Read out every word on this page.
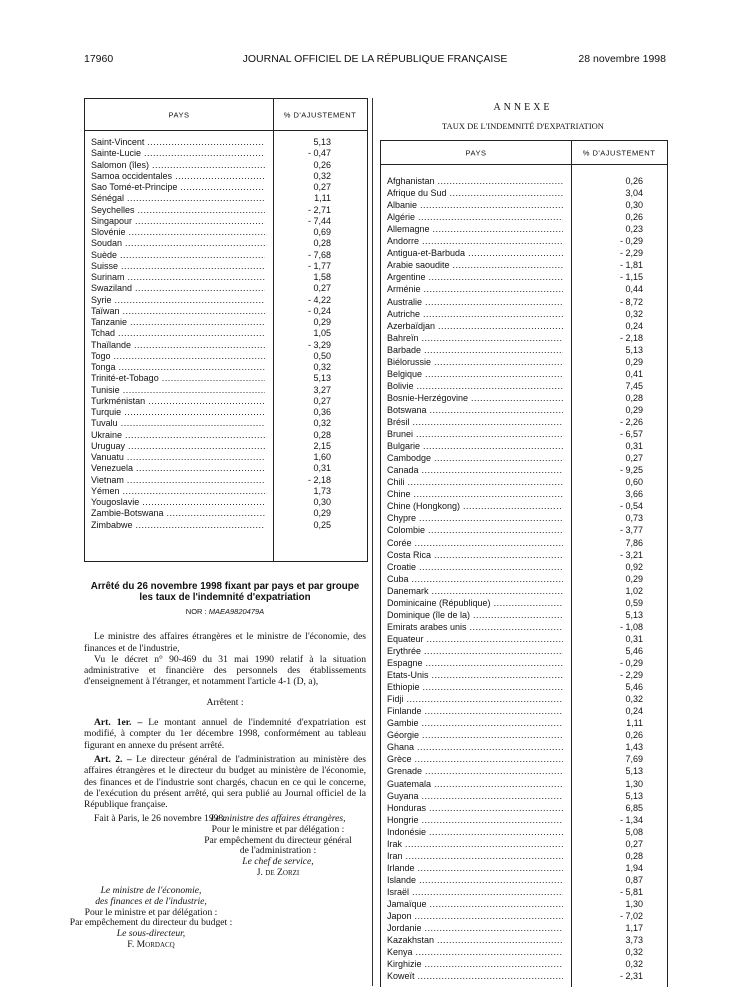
17960	JOURNAL OFFICIEL DE LA RÉPUBLIQUE FRANÇAISE	28 novembre 1998
PAYS	% D'AJUSTEMENT
Saint-Vincent .....	5,13
Sainte-Lucie .....	- 0,47
Salomon (îles) .....	0,26
Samoa occidentales .....	0,32
Sao Tomé-et-Principe .....	0,27
Sénégal .....	1,11
Seychelles .....	- 2,71
Singapour .....	- 7,44
Slovénie .....	0,69
Soudan .....	0,28
Suède .....	- 7,68
Suisse .....	- 1,77
Surinam .....	1,58
Swaziland .....	0,27
Syrie .....	- 4,22
Taïwan .....	- 0,24
Tanzanie .....	0,29
Tchad .....	1,05
Thaïlande .....	- 3,29
Togo .....	0,50
Tonga .....	0,32
Trinité-et-Tobago .....	5,13
Tunisie .....	3,27
Turkménistan .....	0,27
Turquie .....	0,36
Tuvalu .....	0,32
Ukraine .....	0,28
Uruguay .....	2,15
Vanuatu .....	1,60
Venezuela .....	0,31
Vietnam .....	- 2,18
Yémen .....	1,73
Yougoslavie .....	0,30
Zambie-Botswana .....	0,29
Zimbabwe .....	0,25
Arrêté du 26 novembre 1998 fixant par pays et par groupe les taux de l'indemnité d'expatriation
NOR : MAEA9820479A

Le ministre des affaires étrangères et le ministre de l'économie, des finances et de l'industrie,

Vu le décret n° 90-469 du 31 mai 1990 relatif à la situation administrative et financière des personnels des établissements d'enseignement à l'étranger, et notamment l'article 4-1 (D, a),

Arrêtent :

Art. 1er. – Le montant annuel de l'indemnité d'expatriation est modifié, à compter du 1er décembre 1998, conformément au tableau figurant en annexe du présent arrêté.

Art. 2. – Le directeur général de l'administration au ministère des affaires étrangères et le directeur du budget au ministère de l'économie, des finances et de l'industrie sont chargés, chacun en ce qui le concerne, de l'exécution du présent arrêté, qui sera publié au Journal officiel de la République française.

Fait à Paris, le 26 novembre 1998.

Le ministre des affaires étrangères,
Pour le ministre et par délégation :
Par empêchement du directeur général
de l'administration :
Le chef de service,
J. de Zorzi
Le ministre de l'économie,
des finances et de l'industrie,
Pour le ministre et par délégation :
Par empêchement du directeur du budget :
Le sous-directeur,
F. Mordacq
ANNEXE
TAUX DE L'INDEMNITÉ D'EXPATRIATION
PAYS	% D'AJUSTEMENT
Afghanistan .....	0,26
Afrique du Sud .....	3,04
Albanie .....	0,30
Algérie .....	0,26
Allemagne .....	0,23
Andorre .....	- 0,29
Antigua-et-Barbuda .....	- 2,29
Arabie saoudite .....	- 1,81
Argentine .....	- 1,15
Arménie .....	0,44
Australie .....	- 8,72
Autriche .....	0,32
Azerbaïdjan .....	0,24
Bahreïn .....	- 2,18
Barbade .....	5,13
Biélorussie .....	0,29
Belgique .....	0,41
Bolivie .....	7,45
Bosnie-Herzégovine .....	0,28
Botswana .....	0,29
Brésil .....	- 2,26
Brunei .....	- 6,57
Bulgarie .....	0,31
Cambodge .....	0,27
Canada .....	- 9,25
Chili .....	0,60
Chine .....	3,66
Chine (Hongkong) .....	- 0,54
Chypre .....	0,73
Colombie .....	- 3,77
Corée .....	7,86
Costa Rica .....	- 3,21
Croatie .....	0,92
Cuba .....	0,29
Danemark .....	1,02
Dominicaine (République) .....	0,59
Dominique (île de la) .....	5,13
Emirats arabes unis .....	- 1,08
Equateur .....	0,31
Erythrée .....	5,46
Espagne .....	- 0,29
Etats-Unis .....	- 2,29
Ethiopie .....	5,46
Fidji .....	0,32
Finlande .....	0,24
Gambie .....	1,11
Géorgie .....	0,26
Ghana .....	1,43
Grèce .....	7,69
Grenade .....	5,13
Guatemala .....	1,30
Guyana .....	5,13
Honduras .....	6,85
Hongrie .....	- 1,34
Indonésie .....	5,08
Irak .....	0,27
Iran .....	0,28
Irlande .....	1,94
Islande .....	0,87
Israël .....	- 5,81
Jamaïque .....	1,30
Japon .....	- 7,02
Jordanie .....	1,17
Kazakhstan .....	3,73
Kenya .....	0,32
Kirghizie .....	0,32
Koweït .....	- 2,31
